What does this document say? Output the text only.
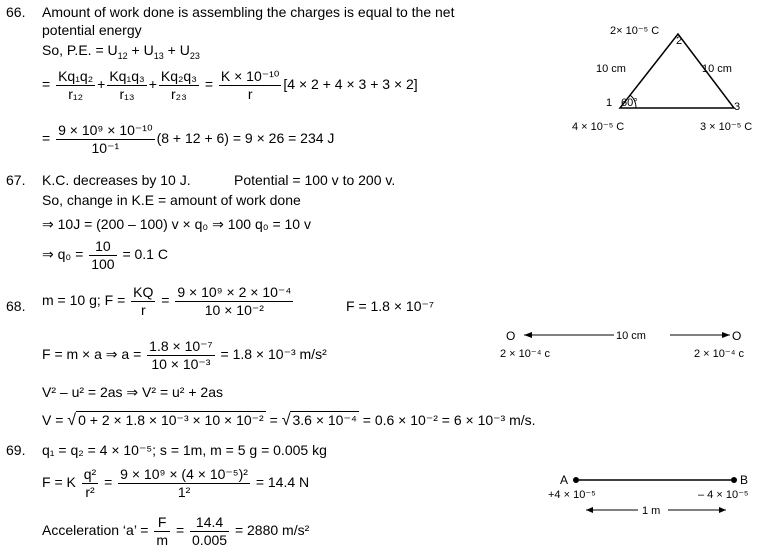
66. Amount of work done is assembling the charges is equal to the net
potential energy
So, P.E. = $U_{12} + U_{13} + U_{23}$
= $\frac{\text{Kq₁q₂}}{\text{r₁₂}} + \frac{\text{Kq₁q₃}}{\text{r₁₃}} + \frac{\text{Kq₂q₃}}{\text{r₂₃}} = \frac{\text{K × 10⁻¹⁰}}{r} [4 \times 2 + 4 \times 3 + 3 \times 2]$
= $\frac{\text{9 × 10⁹ × 10⁻¹⁰}}{\text{10⁻¹}} (8 + 12 + 6) = 9 \times 26 = 234$ J
2× 10⁻⁵ C
2
10 cm	10 cm
1 60°	3
4 × 10⁻⁵ C	3 × 10⁻⁵ C
67. K.C. decreases by 10 J.	Potential = 100 v to 200 v.
So, change in K.E = amount of work done
⇒ 10J = (200 – 100) v × q₀ ⇒ 100 q₀ = 10 v
⇒ $q_0 = \frac{10}{100} = 0.1$ C
68. m = 10 g; $F = \frac{KQ}{r} = \frac{\text{9 × 10⁹ × 2 × 10⁻⁴}}{\text{10 × 10⁻²}}$	F = 1.8 × 10⁻⁷
F = m × a ⇒ $a = \frac{\text{1.8 × 10⁻⁷}}{\text{10 × 10⁻³}} = 1.8 \times 10^{-3}$ m/s²
V² – u² = 2as ⇒ V² = u² + 2as
V = √ 0 + 2 × 1.8 × 10⁻³ × 10 × 10⁻² = √ 3.6 × 10⁻⁴ = 0.6 × 10⁻² = 6 × 10⁻³ m/s.
O	O
10 cm
2 × 10⁻⁴ c	2 × 10⁻⁴ c
69. q₁ = q₂ = 4 × 10⁻⁵; s = 1m, m = 5 g = 0.005 kg
F = K $\frac{\text{q²}}{\text{r²}} = \frac{\text{9 × 10⁹ × (4 × 10⁻⁵)²}}{\text{1²}} = 14.4$ N
Acceleration ‘a’ = $\frac{F}{m} = \frac{14.4}{0.005} = 2880$ m/s²
A	B
+4 × 10⁻⁵	– 4 × 10⁻⁵
1 m
